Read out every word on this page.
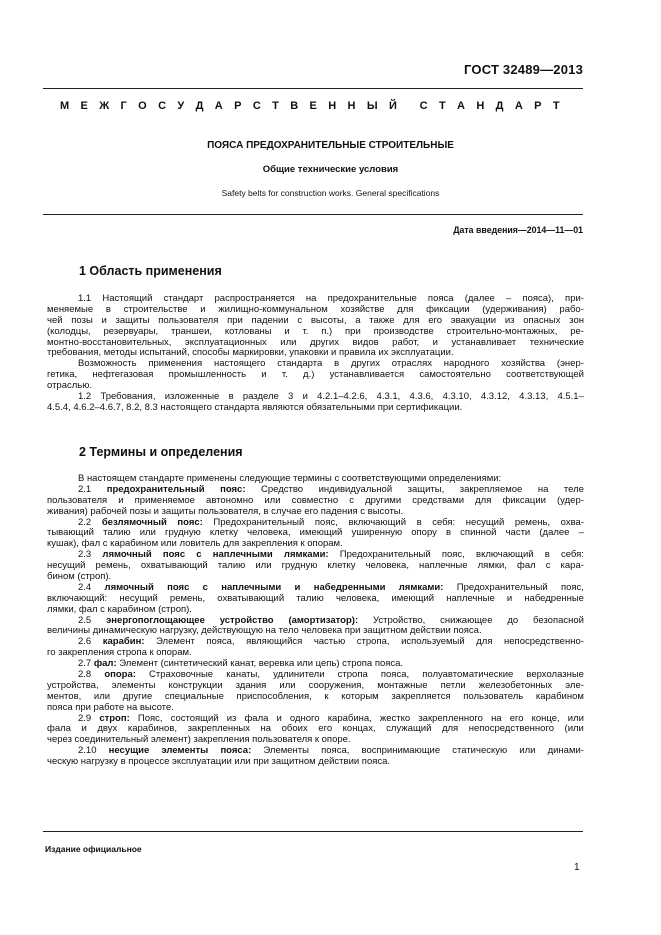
ГОСТ 32489—2013
М Е Ж Г О С У Д А Р С Т В Е Н Н Ы Й С Т А Н Д А Р Т
ПОЯСА ПРЕДОХРАНИТЕЛЬНЫЕ СТРОИТЕЛЬНЫЕ
Общие технические условия
Safety belts for construction works. General specifications
Дата введения—2014—11—01
1 Область применения
1.1 Настоящий стандарт распространяется на предохранительные пояса (далее – пояса), при-
меняемые в строительстве и жилищно-коммунальном хозяйстве для фиксации (удерживания) рабо-
чей позы и защиты пользователя при падении с высоты, а также для его эвакуации из опасных зон
(колодцы, резервуары, траншеи, котлованы и т. п.) при производстве строительно-монтажных, ре-
монтно-восстановительных, эксплуатационных или других видов работ, и устанавливает технические
требования, методы испытаний, способы маркировки, упаковки и правила их эксплуатации.
Возможность применения настоящего стандарта в других отраслях народного хозяйства (энер-
гетика, нефтегазовая промышленность и т. д.) устанавливается самостоятельно соответствующей
отраслью.
1.2 Требования, изложенные в разделе 3 и 4.2.1–4.2.6, 4.3.1, 4.3.6, 4.3.10, 4.3.12, 4.3.13, 4.5.1–
4.5.4, 4.6.2–4.6.7, 8.2, 8.3 настоящего стандарта являются обязательными при сертификации.
2 Термины и определения
В настоящем стандарте применены следующие термины с соответствующими определениями:
2.1 предохранительный пояс: Средство индивидуальной защиты, закрепляемое на теле
пользователя и применяемое автономно или совместно с другими средствами для фиксации (удер-
живания) рабочей позы и защиты пользователя, в случае его падения с высоты.
2.2 безлямочный пояс: Предохранительный пояс, включающий в себя: несущий ремень, охва-
тывающий талию или грудную клетку человека, имеющий уширенную опору в спинной части (далее –
кушак), фал с карабином или ловитель для закрепления к опорам.
2.3 лямочный пояс с наплечными лямками: Предохранительный пояс, включающий в себя:
несущий ремень, охватывающий талию или грудную клетку человека, наплечные лямки, фал с кара-
бином (строп).
2.4 лямочный пояс с наплечными и набедренными лямками: Предохранительный пояс,
включающий: несущий ремень, охватывающий талию человека, имеющий наплечные и набедренные
лямки, фал с карабином (строп).
2.5 энергопоглощающее устройство (амортизатор): Устройство, снижающее до безопасной
величины динамическую нагрузку, действующую на тело человека при защитном действии пояса.
2.6 карабин: Элемент пояса, являющийся частью стропа, используемый для непосредственно-
го закрепления стропа к опорам.
2.7 фал: Элемент (синтетический канат, веревка или цепь) стропа пояса.
2.8 опора: Страховочные канаты, удлинители стропа пояса, полуавтоматические верхолазные
устройства, элементы конструкции здания или сооружения, монтажные петли железобетонных эле-
ментов, или другие специальные приспособления, к которым закрепляется пользователь карабином
пояса при работе на высоте.
2.9 строп: Пояс, состоящий из фала и одного карабина, жестко закрепленного на его конце, или
фала и двух карабинов, закрепленных на обоих его концах, служащий для непосредственного (или
через соединительный элемент) закрепления пользователя к опоре.
2.10 несущие элементы пояса: Элементы пояса, воспринимающие статическую или динами-
ческую нагрузку в процессе эксплуатации или при защитном действии пояса.
Издание официальное
1
